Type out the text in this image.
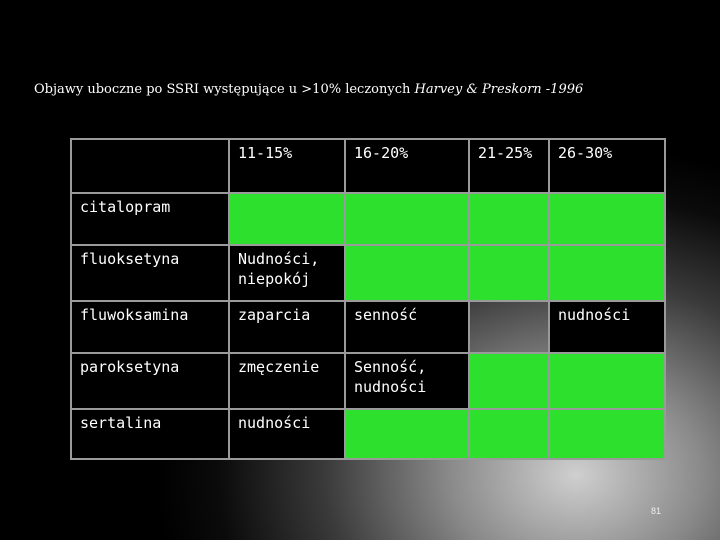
Objawy uboczne po SSRI występujące u >10% leczonych Harvey & Preskorn -1996
	11-15%	16-20%	21-25%	26-30%
citalopram				
fluoksetyna	Nudności, niepokój			
fluwoksamina	zaparcia	senność		nudności
paroksetyna	zmęczenie	Senność, nudności		
sertalina	nudności			
81
